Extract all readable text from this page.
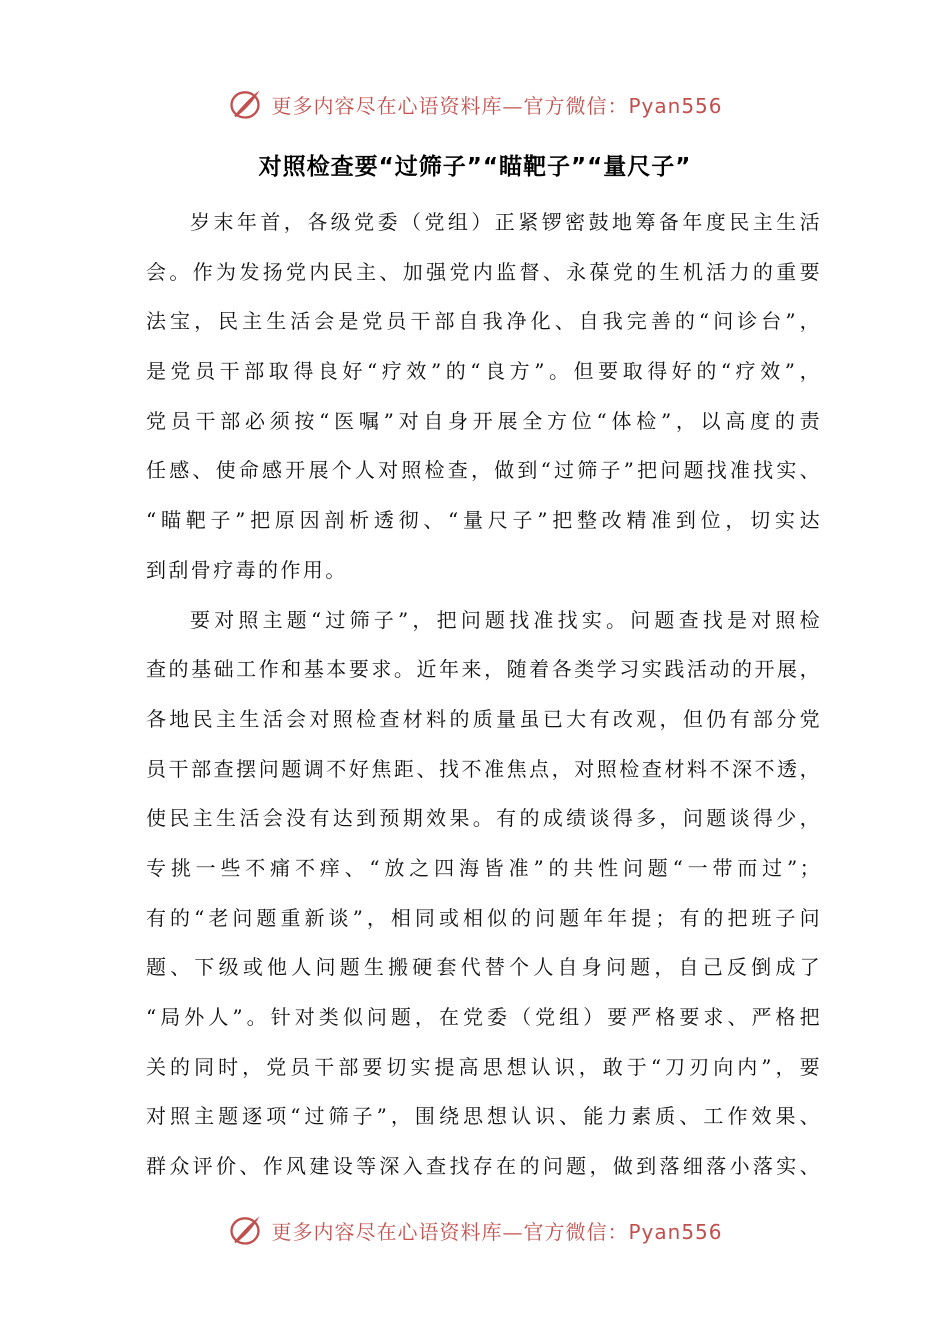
更多内容尽在心语资料库—官方微信：Pyan556
对照检查要“过筛子”“瞄靶子”“量尺子”
岁末年首，各级党委（党组）正紧锣密鼓地筹备年度民主生活
会。作为发扬党内民主、加强党内监督、永葆党的生机活力的重要
法宝，民主生活会是党员干部自我净化、自我完善的“问诊台”，
是党员干部取得良好“疗效”的“良方”。但要取得好的“疗效”，
党员干部必须按“医嘱”对自身开展全方位“体检”，以高度的责
任感、使命感开展个人对照检查，做到“过筛子”把问题找准找实、
“瞄靶子”把原因剖析透彻、“量尺子”把整改精准到位，切实达
到刮骨疗毒的作用。
要对照主题“过筛子”，把问题找准找实。问题查找是对照检
查的基础工作和基本要求。近年来，随着各类学习实践活动的开展，
各地民主生活会对照检查材料的质量虽已大有改观，但仍有部分党
员干部查摆问题调不好焦距、找不准焦点，对照检查材料不深不透，
使民主生活会没有达到预期效果。有的成绩谈得多，问题谈得少，
专挑一些不痛不痒、“放之四海皆准”的共性问题“一带而过”；
有的“老问题重新谈”，相同或相似的问题年年提；有的把班子问
题、下级或他人问题生搬硬套代替个人自身问题，自己反倒成了
“局外人”。针对类似问题，在党委（党组）要严格要求、严格把
关的同时，党员干部要切实提高思想认识，敢于“刀刃向内”，要
对照主题逐项“过筛子”，围绕思想认识、能力素质、工作效果、
群众评价、作风建设等深入查找存在的问题，做到落细落小落实、
更多内容尽在心语资料库—官方微信：Pyan556
